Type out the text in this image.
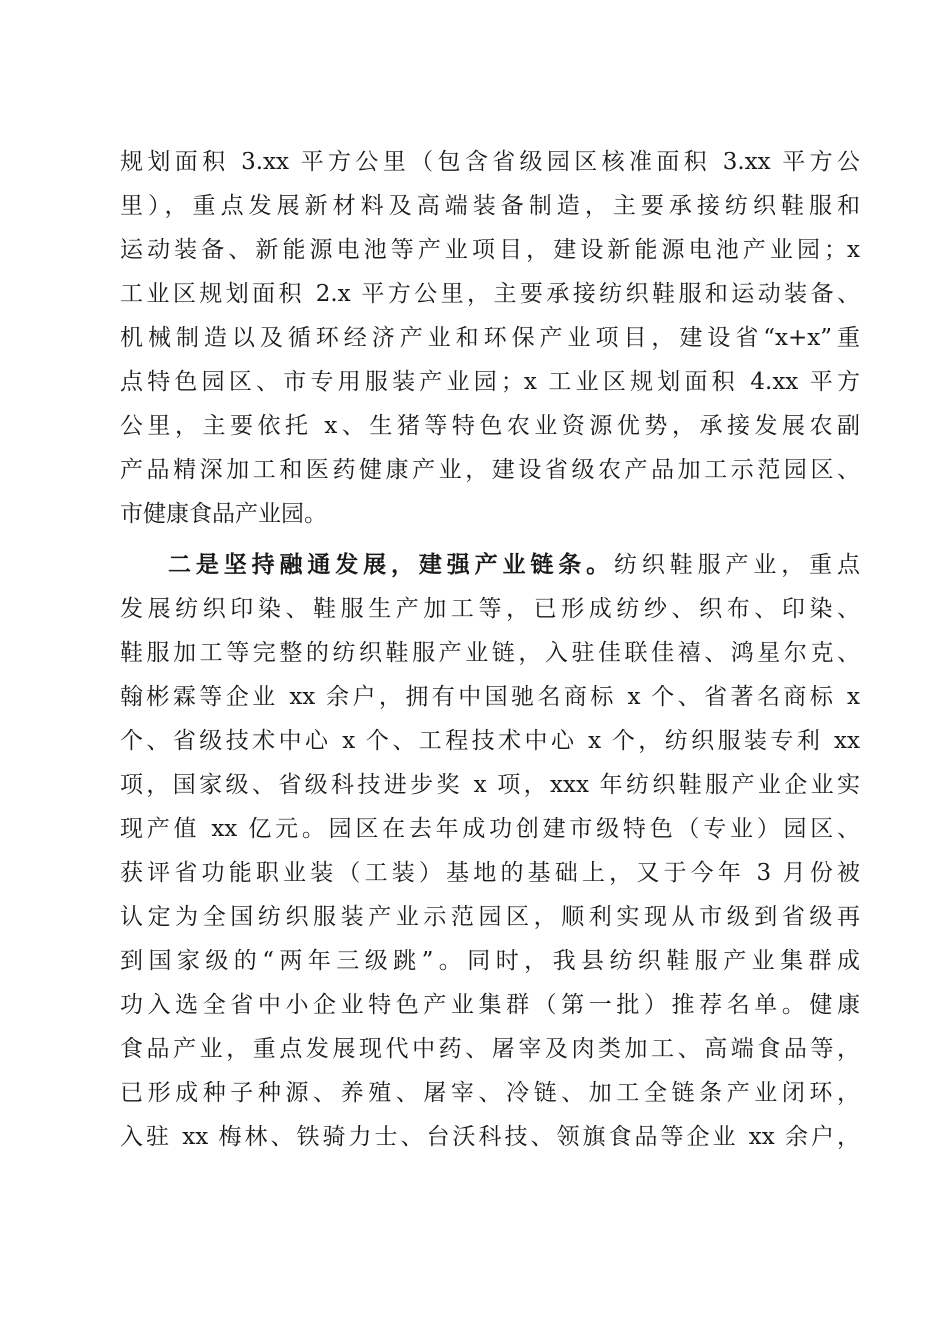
规划面积 3.xx 平方公里（包含省级园区核准面积 3.xx 平方公
里），重点发展新材料及高端装备制造，主要承接纺织鞋服和
运动装备、新能源电池等产业项目，建设新能源电池产业园；x
工业区规划面积 2.x 平方公里，主要承接纺织鞋服和运动装备、
机械制造以及循环经济产业和环保产业项目，建设省“x+x”重
点特色园区、市专用服装产业园；x 工业区规划面积 4.xx 平方
公里，主要依托 x、生猪等特色农业资源优势，承接发展农副
产品精深加工和医药健康产业，建设省级农产品加工示范园区、
市健康食品产业园。
二是坚持融通发展，建强产业链条。纺织鞋服产业，重点
发展纺织印染、鞋服生产加工等，已形成纺纱、织布、印染、
鞋服加工等完整的纺织鞋服产业链，入驻佳联佳禧、鸿星尔克、
翰彬霖等企业 xx 余户，拥有中国驰名商标 x 个、省著名商标 x
个、省级技术中心 x 个、工程技术中心 x 个，纺织服装专利 xx
项，国家级、省级科技进步奖 x 项，xxx 年纺织鞋服产业企业实
现产值 xx 亿元。园区在去年成功创建市级特色（专业）园区、
获评省功能职业装（工装）基地的基础上，又于今年 3 月份被
认定为全国纺织服装产业示范园区，顺利实现从市级到省级再
到国家级的“两年三级跳”。同时，我县纺织鞋服产业集群成
功入选全省中小企业特色产业集群（第一批）推荐名单。健康
食品产业，重点发展现代中药、屠宰及肉类加工、高端食品等，
已形成种子种源、养殖、屠宰、冷链、加工全链条产业闭环，
入驻 xx 梅林、铁骑力士、台沃科技、领旗食品等企业 xx 余户，
